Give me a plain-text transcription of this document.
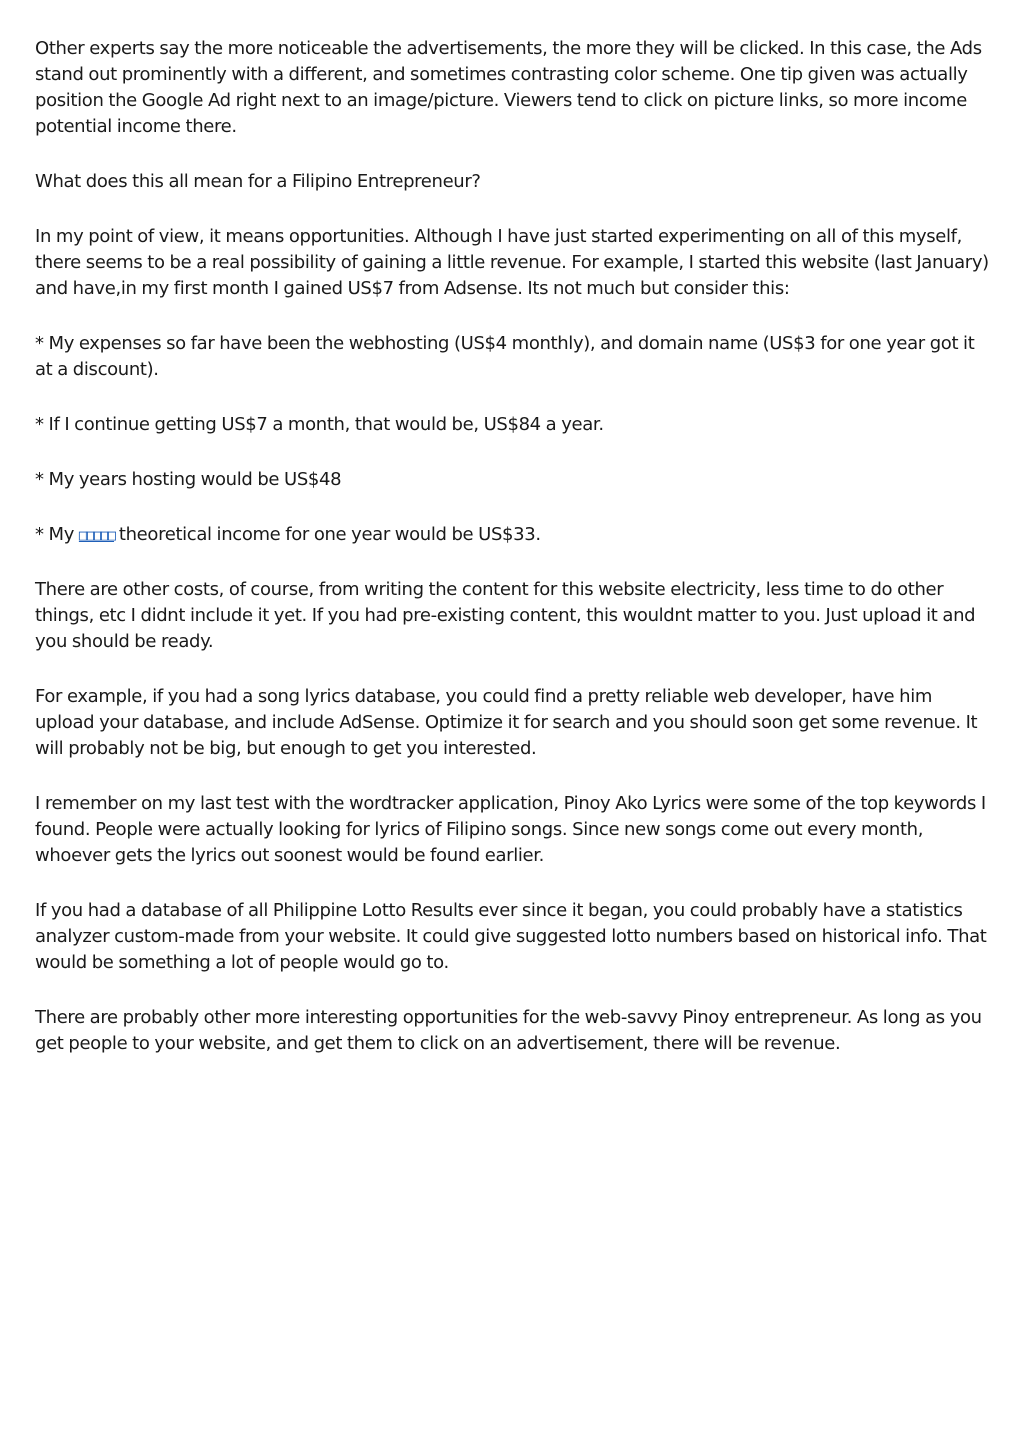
Other experts say the more noticeable the advertisements, the more they will be clicked. In this case, the Ads stand out prominently with a different, and sometimes contrasting color scheme. One tip given was actually position the Google Ad right next to an image/picture. Viewers tend to click on picture links, so more income potential income there.

What does this all mean for a Filipino Entrepreneur?

In my point of view, it means opportunities. Although I have just started experimenting on all of this myself, there seems to be a real possibility of gaining a little revenue. For example, I started this website (last January) and have,in my first month I gained US$7 from Adsense. Its not much but consider this:

* My expenses so far have been the webhosting (US$4 monthly), and domain name (US$3 for one year got it at a discount).

* If I continue getting US$7 a month, that would be, US$84 a year.

* My years hosting would be US$48

* My □□□□□ theoretical income for one year would be US$33.

There are other costs, of course, from writing the content for this website electricity, less time to do other things, etc I didnt include it yet. If you had pre-existing content, this wouldnt matter to you. Just upload it and you should be ready.

For example, if you had a song lyrics database, you could find a pretty reliable web developer, have him upload your database, and include AdSense. Optimize it for search and you should soon get some revenue. It will probably not be big, but enough to get you interested.

I remember on my last test with the wordtracker application, Pinoy Ako Lyrics were some of the top keywords I found. People were actually looking for lyrics of Filipino songs. Since new songs come out every month, whoever gets the lyrics out soonest would be found earlier.

If you had a database of all Philippine Lotto Results ever since it began, you could probably have a statistics analyzer custom-made from your website. It could give suggested lotto numbers based on historical info. That would be something a lot of people would go to.

There are probably other more interesting opportunities for the web-savvy Pinoy entrepreneur. As long as you get people to your website, and get them to click on an advertisement, there will be revenue.
